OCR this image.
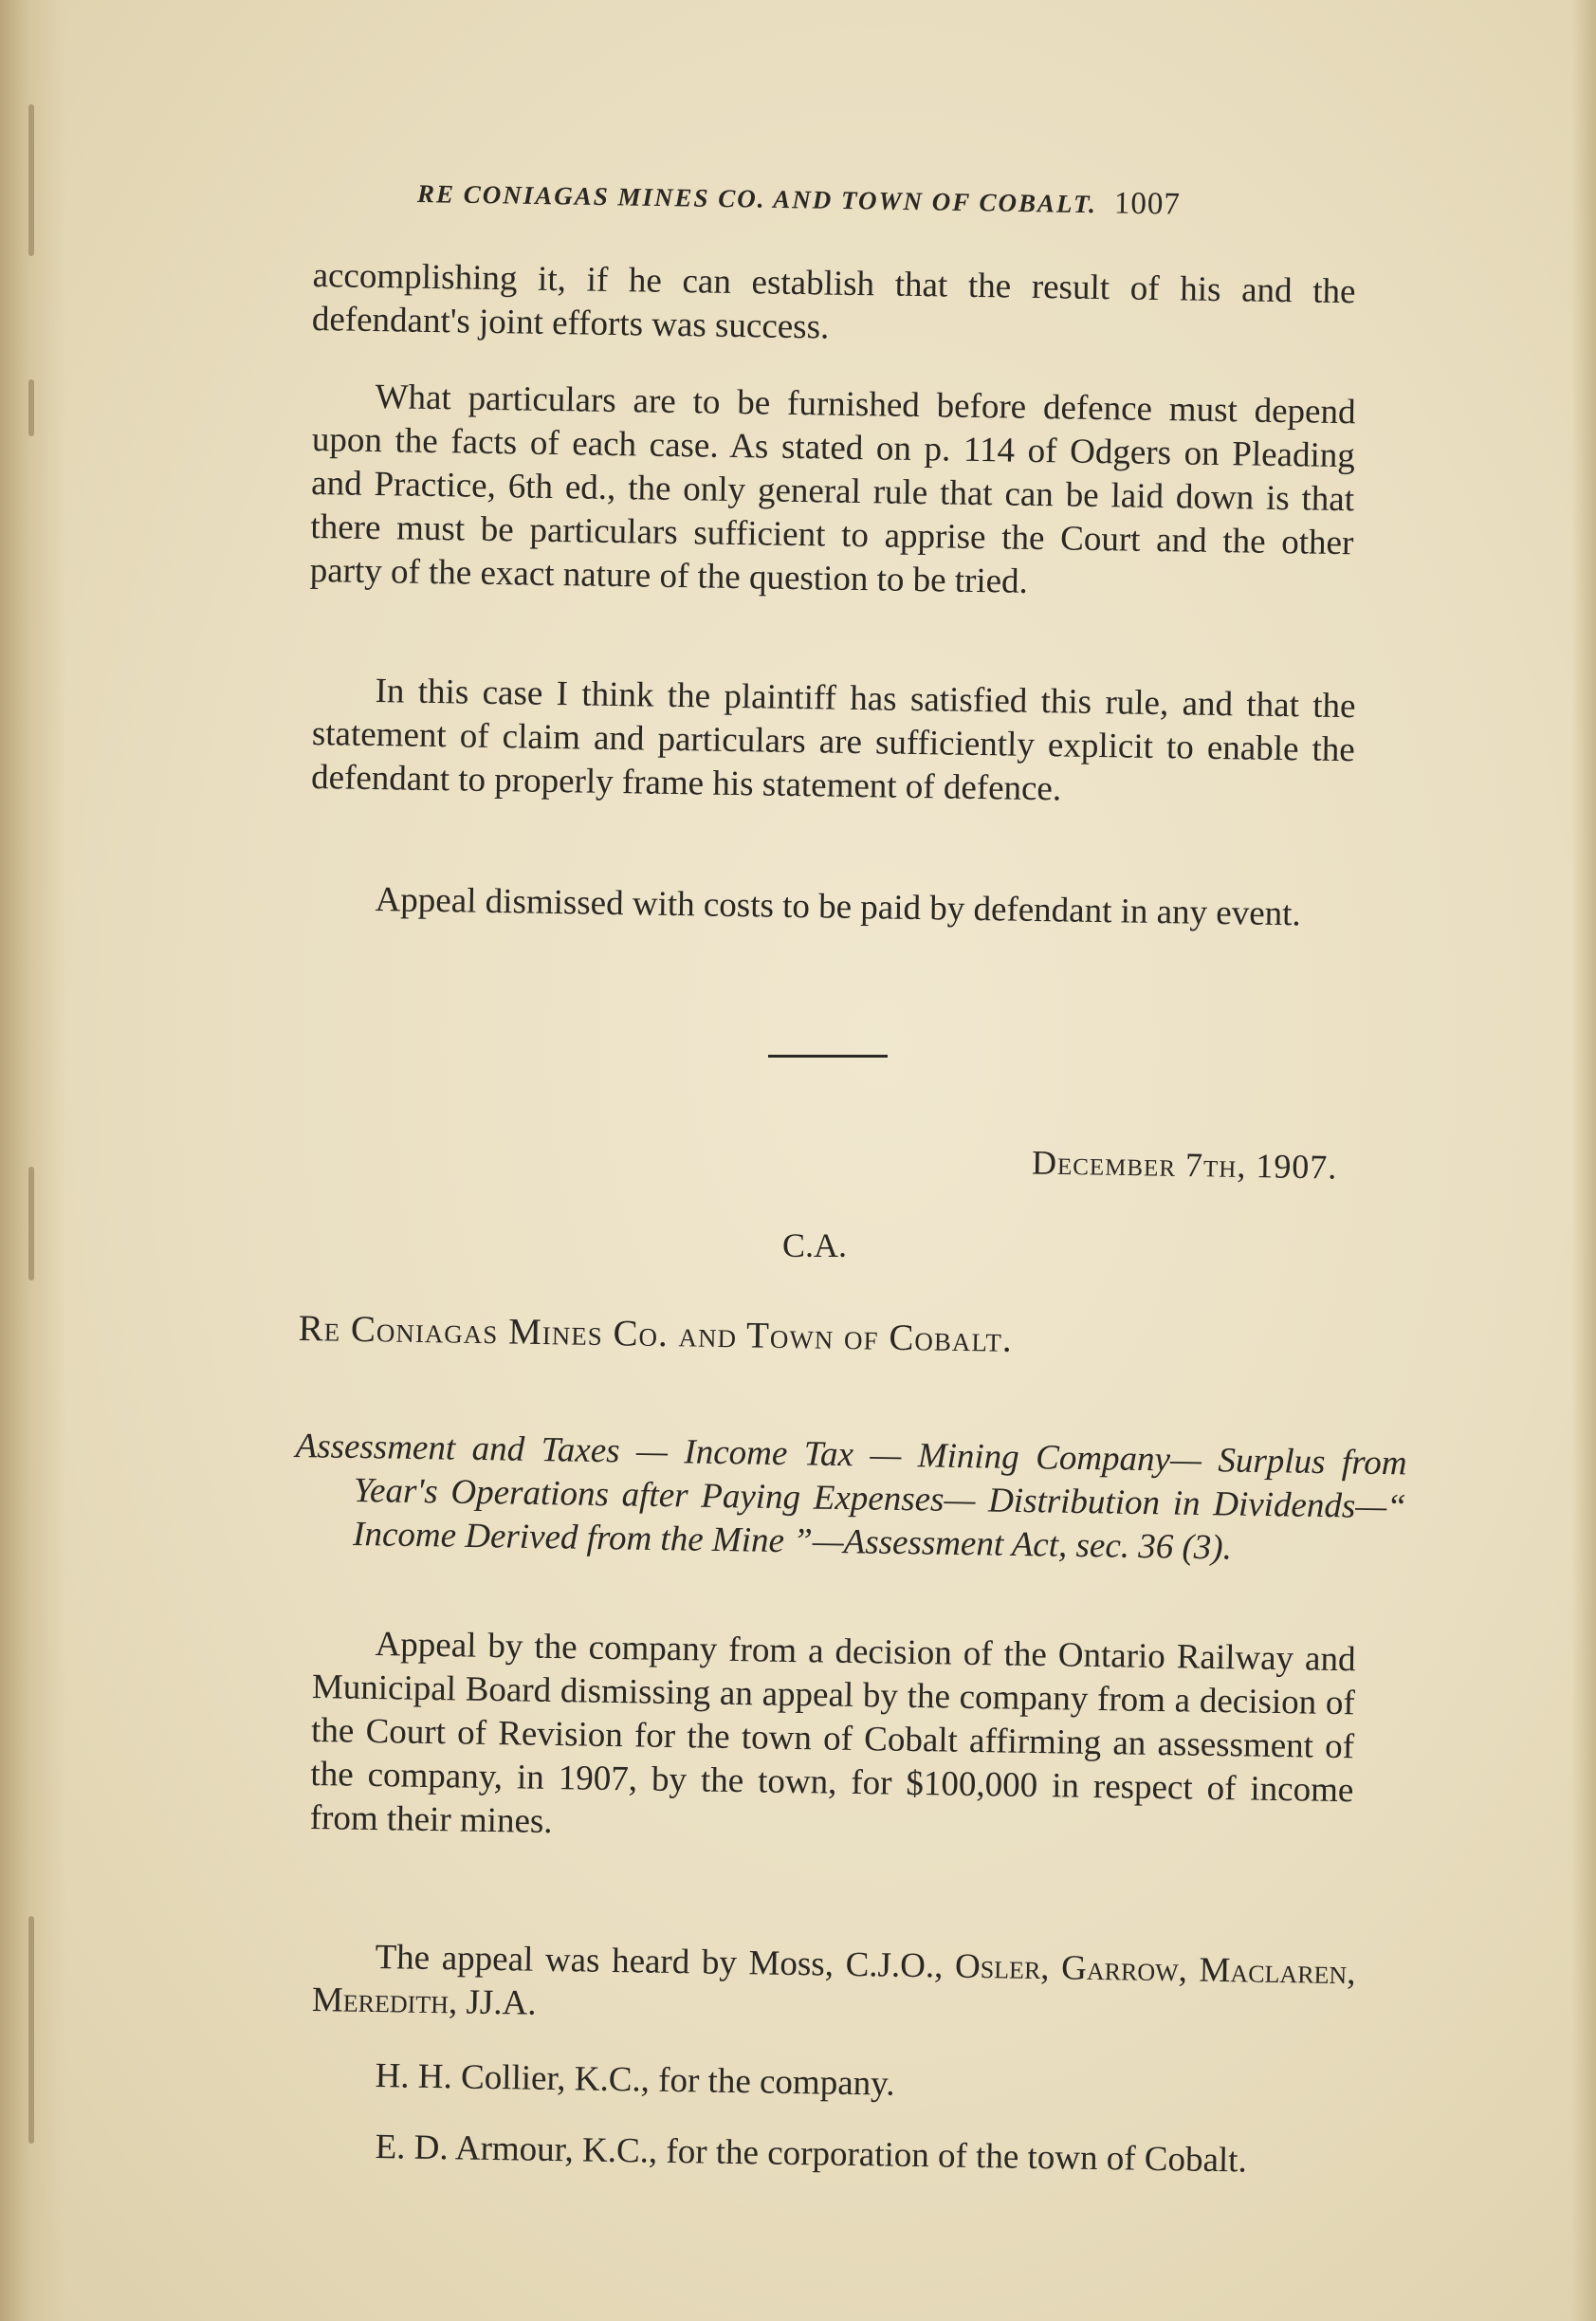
RE CONIAGAS MINES CO. AND TOWN OF COBALT. 1007

accomplishing it, if he can establish that the result of his and the defendant's joint efforts was success.

What particulars are to be furnished before defence must depend upon the facts of each case. As stated on p. 114 of Odgers on Pleading and Practice, 6th ed., the only general rule that can be laid down is that there must be particulars sufficient to apprise the Court and the other party of the exact nature of the question to be tried.

In this case I think the plaintiff has satisfied this rule, and that the statement of claim and particulars are sufficiently explicit to enable the defendant to properly frame his statement of defence.

Appeal dismissed with costs to be paid by defendant in any event.

December 7th, 1907.
C.A.
Re Coniagas Mines Co. and Town of Cobalt.

Assessment and Taxes — Income Tax — Mining Company— Surplus from Year's Operations after Paying Expenses— Distribution in Dividends—“ Income Derived from the Mine ”—Assessment Act, sec. 36 (3).

Appeal by the company from a decision of the Ontario Railway and Municipal Board dismissing an appeal by the company from a decision of the Court of Revision for the town of Cobalt affirming an assessment of the company, in 1907, by the town, for $100,000 in respect of income from their mines.

The appeal was heard by Moss, C.J.O., Osler, Garrow, Maclaren, Meredith, JJ.A.

H. H. Collier, K.C., for the company.

E. D. Armour, K.C., for the corporation of the town of Cobalt.
